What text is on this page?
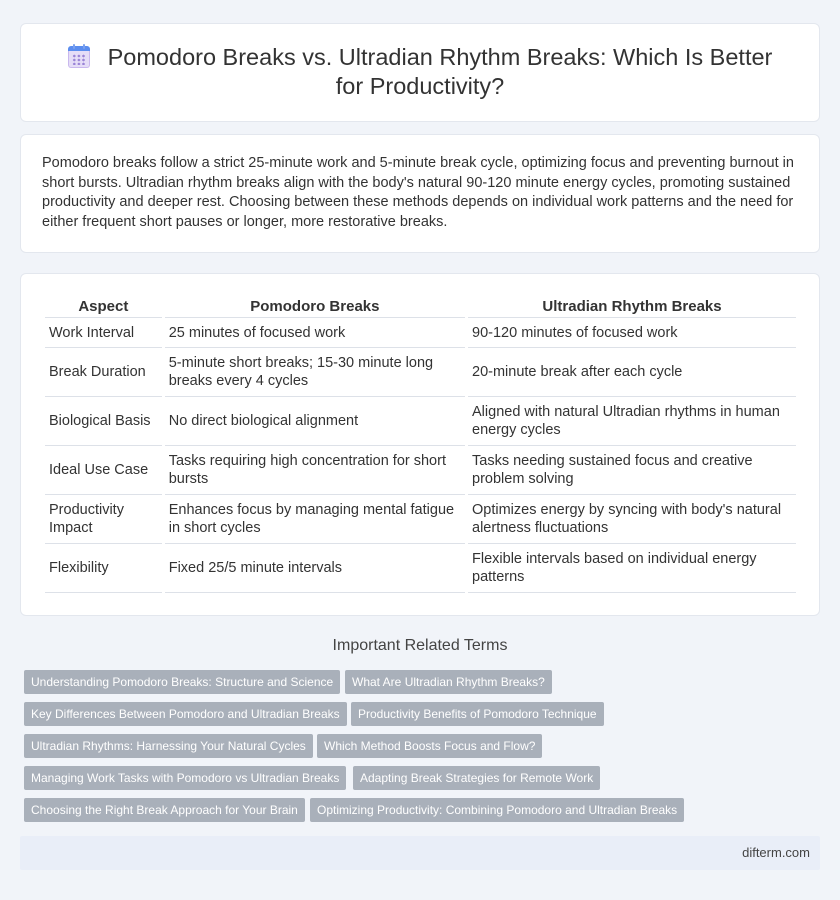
Pomodoro Breaks vs. Ultradian Rhythm Breaks: Which Is Better for Productivity?

Pomodoro breaks follow a strict 25-minute work and 5-minute break cycle, optimizing focus and preventing burnout in short bursts. Ultradian rhythm breaks align with the body's natural 90-120 minute energy cycles, promoting sustained productivity and deeper rest. Choosing between these methods depends on individual work patterns and the need for either frequent short pauses or longer, more restorative breaks.

Aspect	Pomodoro Breaks	Ultradian Rhythm Breaks
Work Interval	25 minutes of focused work	90-120 minutes of focused work
Break Duration	5-minute short breaks; 15-30 minute long breaks every 4 cycles	20-minute break after each cycle
Biological Basis	No direct biological alignment	Aligned with natural Ultradian rhythms in human energy cycles
Ideal Use Case	Tasks requiring high concentration for short bursts	Tasks needing sustained focus and creative problem solving
Productivity Impact	Enhances focus by managing mental fatigue in short cycles	Optimizes energy by syncing with body's natural alertness fluctuations
Flexibility	Fixed 25/5 minute intervals	Flexible intervals based on individual energy patterns
Important Related Terms
Understanding Pomodoro Breaks: Structure and Science	What Are Ultradian Rhythm Breaks?
Key Differences Between Pomodoro and Ultradian Breaks	Productivity Benefits of Pomodoro Technique
Ultradian Rhythms: Harnessing Your Natural Cycles	Which Method Boosts Focus and Flow?
Managing Work Tasks with Pomodoro vs Ultradian Breaks	Adapting Break Strategies for Remote Work
Choosing the Right Break Approach for Your Brain	Optimizing Productivity: Combining Pomodoro and Ultradian Breaks
difterm.com
